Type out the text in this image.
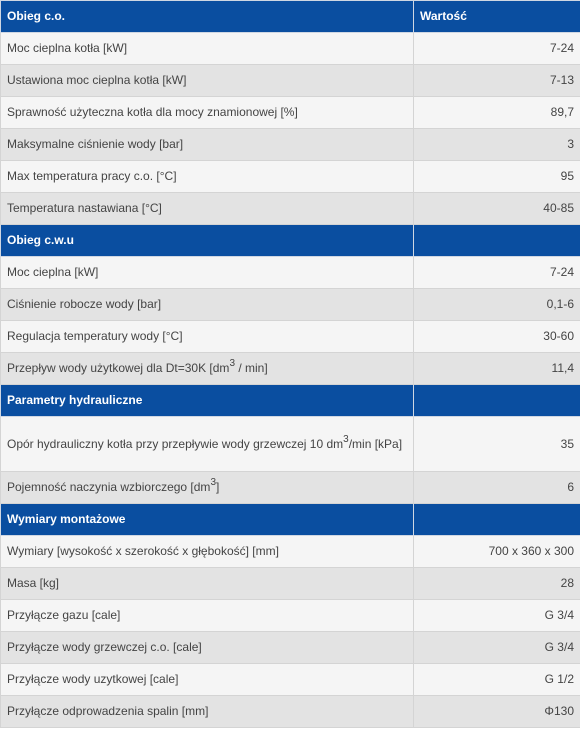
Obieg c.o.	Wartość
Moc cieplna kotła [kW]	7-24
Ustawiona moc cieplna kotła [kW]	7-13
Sprawność użyteczna kotła dla mocy znamionowej [%]	89,7
Maksymalne ciśnienie wody [bar]	3
Max temperatura pracy c.o. [°C]	95
Temperatura nastawiana [°C]	40-85
Obieg c.w.u	
Moc cieplna [kW]	7-24
Ciśnienie robocze wody [bar]	0,1-6
Regulacja temperatury wody [°C]	30-60
Przepływ wody użytkowej dla Dt=30K $[dm^3 / \min]$	11,4
Parametry hydrauliczne	
Opór hydrauliczny kotła przy przepływie wody grzewczej 10 $dm^3/\min$ [kPa]	35
Pojemność naczynia wzbiorczego $[dm^3]$	6
Wymiary montażowe	
Wymiary [wysokość x szerokość x głębokość] [mm]	700 x 360 x 300
Masa [kg]	28
Przyłącze gazu [cale]	G 3/4
Przyłącze wody grzewczej c.o. [cale]	G 3/4
Przyłącze wody uzytkowej [cale]	G 1/2
Przyłącze odprowadzenia spalin [mm]	Φ130
